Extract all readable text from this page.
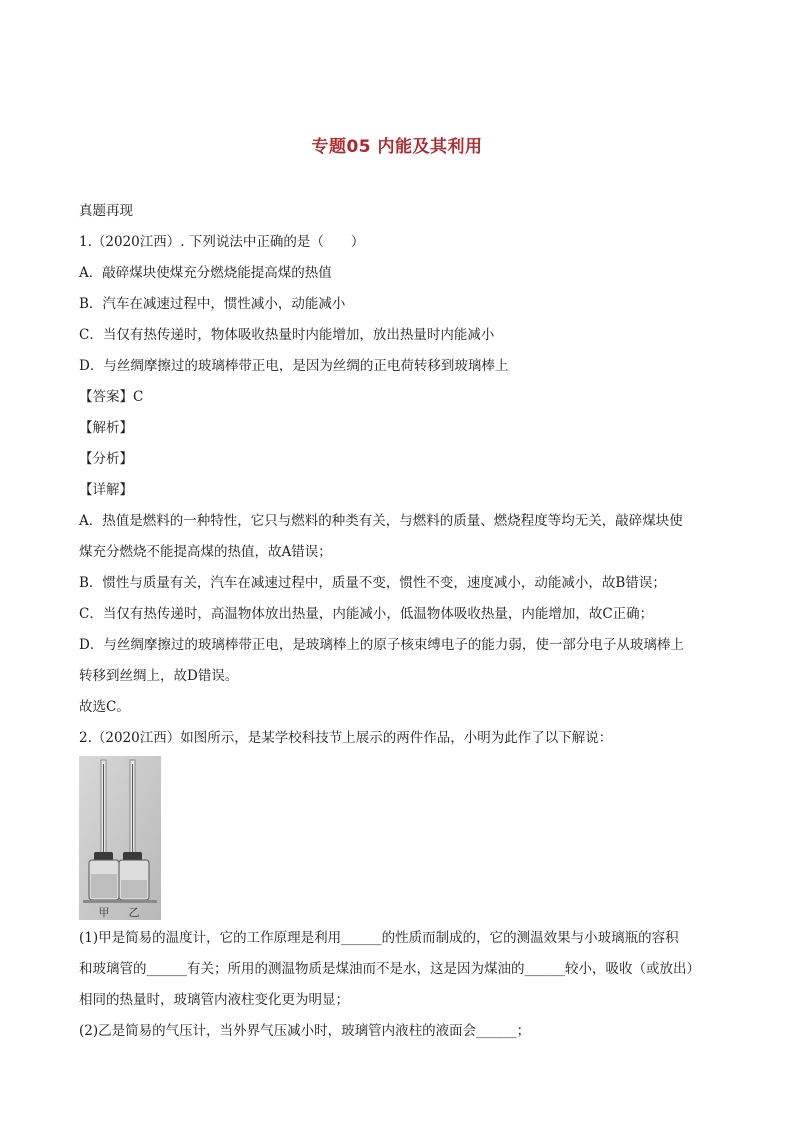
专题05 内能及其利用
真题再现
1.（2020江西）. 下列说法中正确的是（　　）
A．敲碎煤块使煤充分燃烧能提高煤的热值
B．汽车在减速过程中，惯性减小，动能减小
C．当仅有热传递时，物体吸收热量时内能增加，放出热量时内能减小
D．与丝绸摩擦过的玻璃棒带正电，是因为丝绸的正电荷转移到玻璃棒上
【答案】C
【解析】
【分析】
【详解】
A．热值是燃料的一种特性，它只与燃料的种类有关，与燃料的质量、燃烧程度等均无关，敲碎煤块使
煤充分燃烧不能提高煤的热值，故A错误；
B．惯性与质量有关，汽车在减速过程中，质量不变，惯性不变，速度减小，动能减小，故B错误；
C．当仅有热传递时，高温物体放出热量，内能减小，低温物体吸收热量，内能增加，故C正确；
D．与丝绸摩擦过的玻璃棒带正电，是玻璃棒上的原子核束缚电子的能力弱，使一部分电子从玻璃棒上
转移到丝绸上，故D错误。
故选C。
2.（2020江西）如图所示，是某学校科技节上展示的两件作品，小明为此作了以下解说：
甲 乙
(1)甲是简易的温度计，它的工作原理是利用______的性质而制成的，它的测温效果与小玻璃瓶的容积
和玻璃管的______有关；所用的测温物质是煤油而不是水，这是因为煤油的______较小，吸收（或放出）
相同的热量时，玻璃管内液柱变化更为明显；
(2)乙是简易的气压计，当外界气压减小时，玻璃管内液柱的液面会______；
